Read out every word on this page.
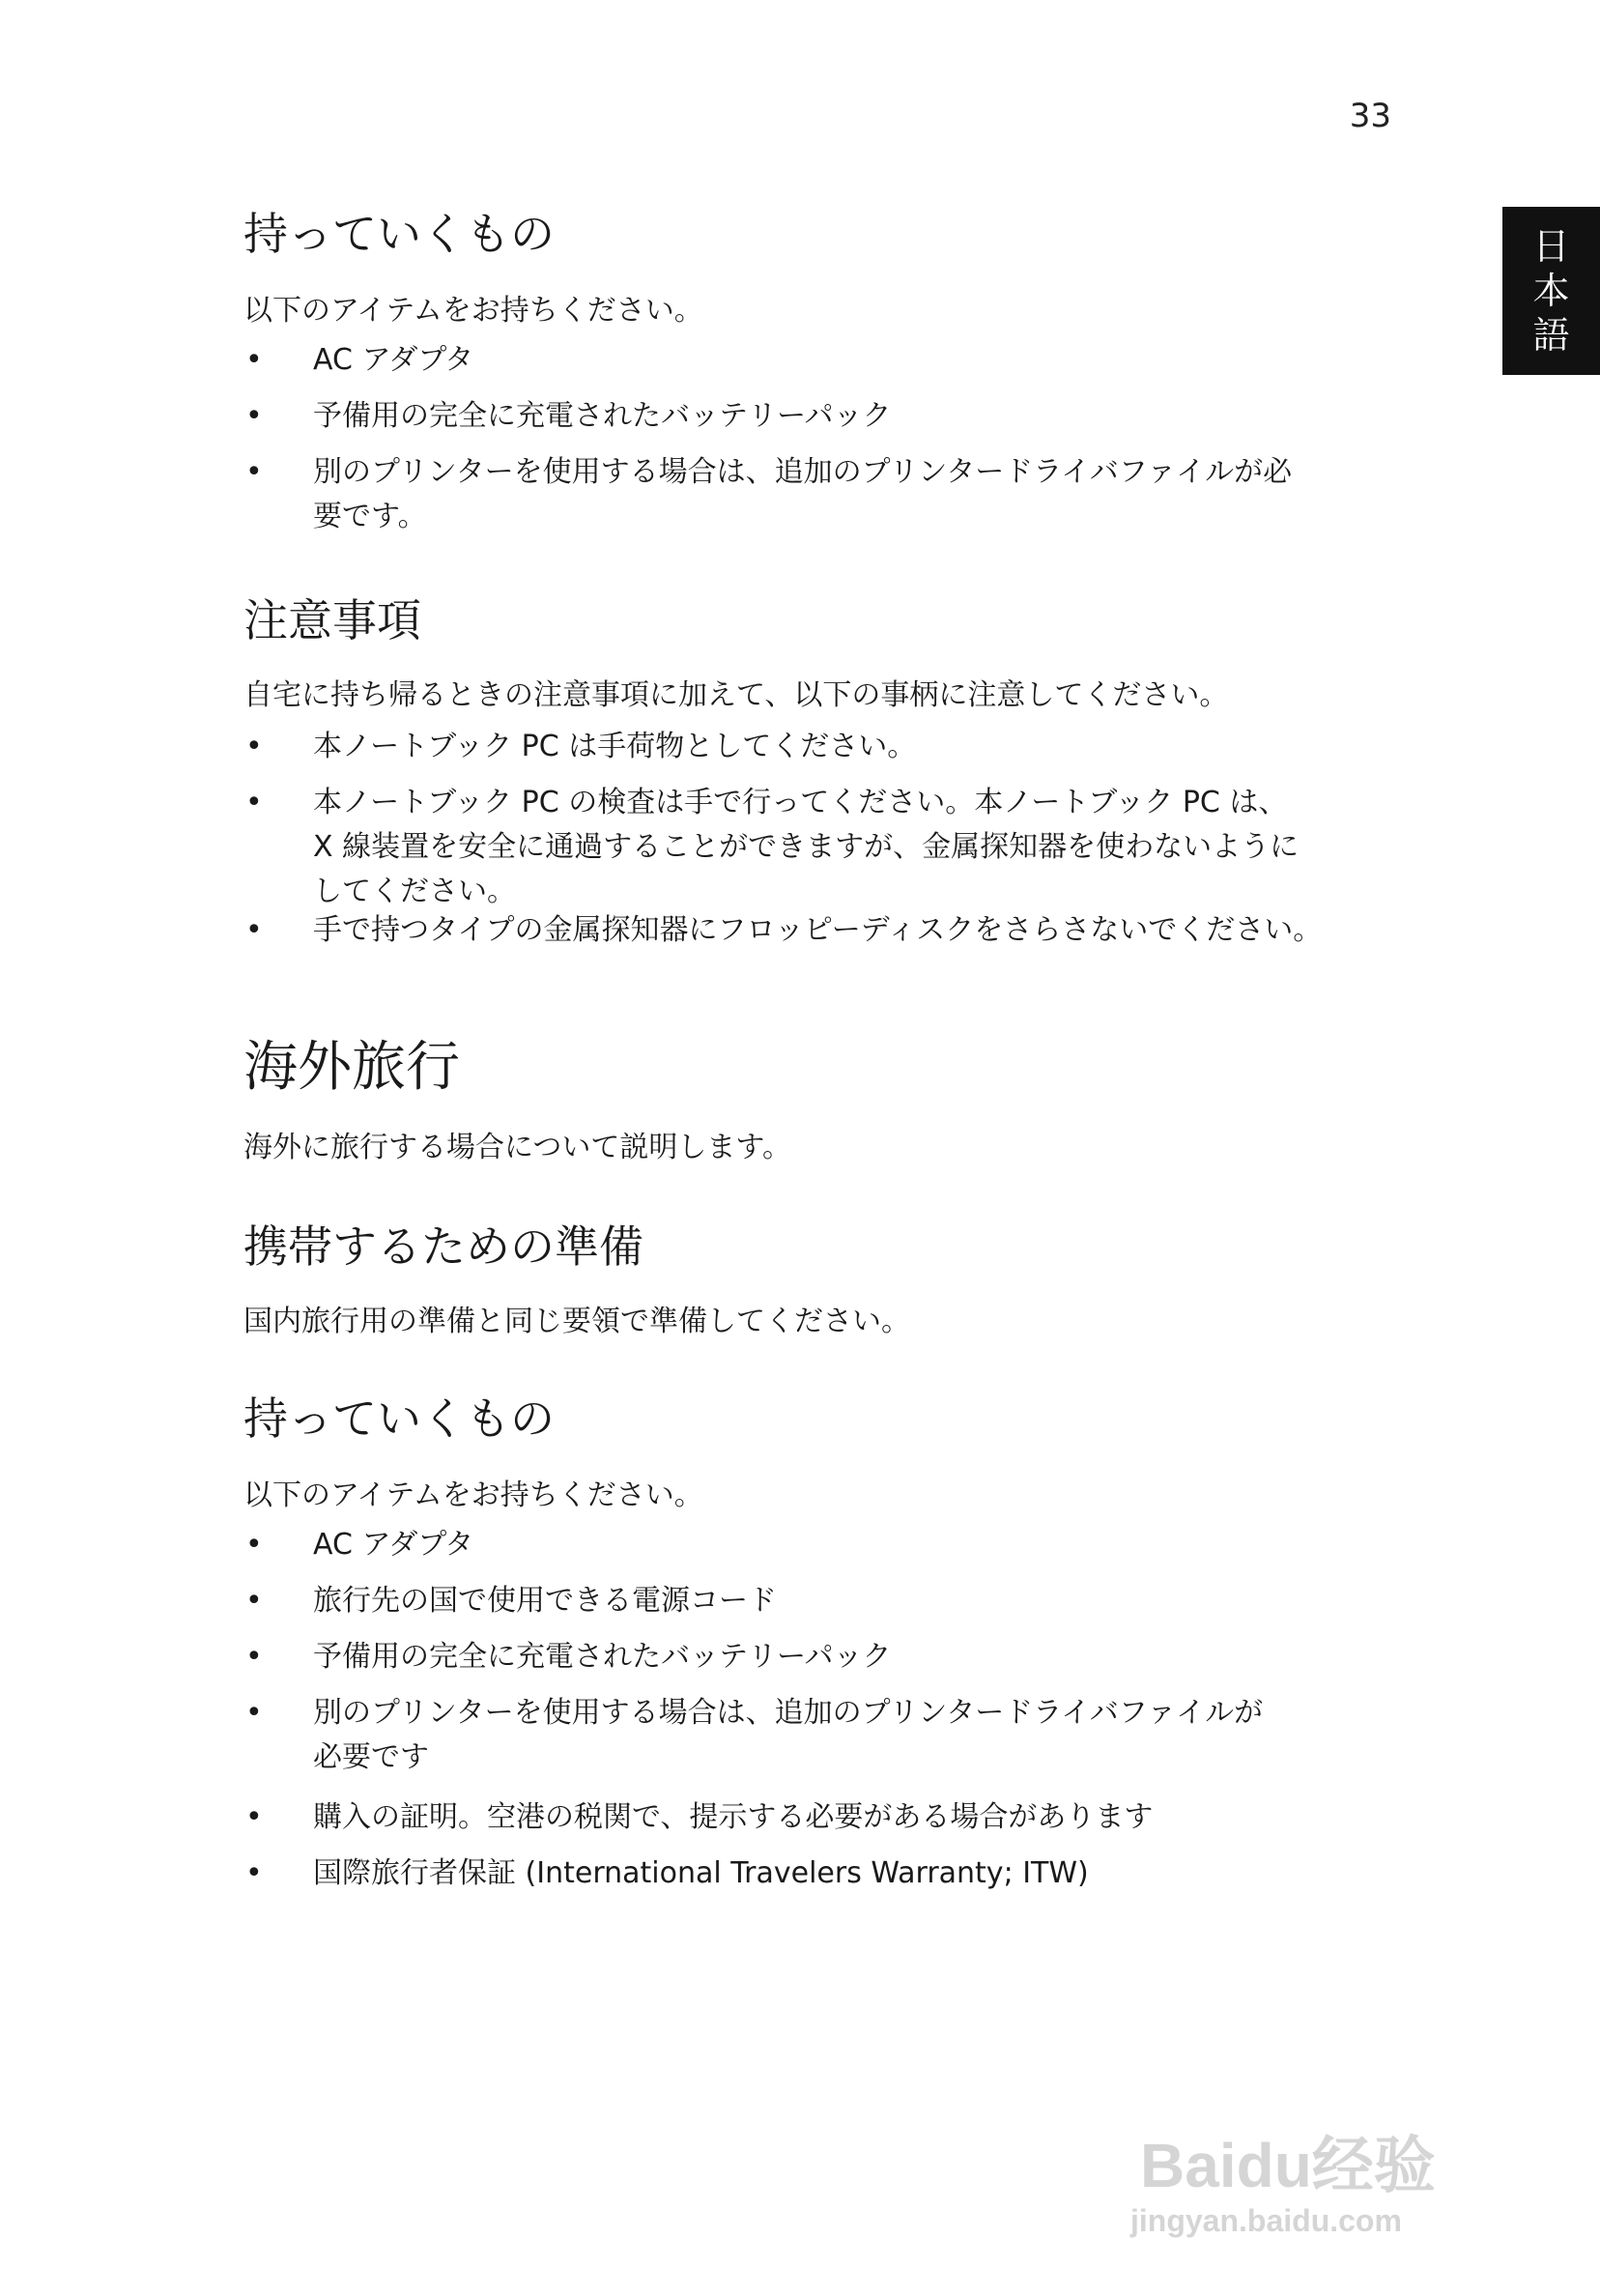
33
日
本
語
持っていくもの

以下のアイテムをお持ちください。

• AC アダプタ
• 予備用の完全に充電されたバッテリーパック
• 別のプリンターを使用する場合は、追加のプリンタードライバファイルが必
要です。
注意事項

自宅に持ち帰るときの注意事項に加えて、以下の事柄に注意してください。

• 本ノートブック PC は手荷物としてください。
• 本ノートブック PC の検査は手で行ってください。本ノートブック PC は、
X 線装置を安全に通過することができますが、金属探知器を使わないように
してください。
• 手で持つタイプの金属探知器にフロッピーディスクをさらさないでください。
海外旅行

海外に旅行する場合について説明します。

携帯するための準備

国内旅行用の準備と同じ要領で準備してください。

持っていくもの

以下のアイテムをお持ちください。

• AC アダプタ
• 旅行先の国で使用できる電源コード
• 予備用の完全に充電されたバッテリーパック
• 別のプリンターを使用する場合は、追加のプリンタードライバファイルが
必要です
• 購入の証明。空港の税関で、提示する必要がある場合があります
• 国際旅行者保証 (International Travelers Warranty; ITW)
Baidu经验
jingyan.baidu.com
